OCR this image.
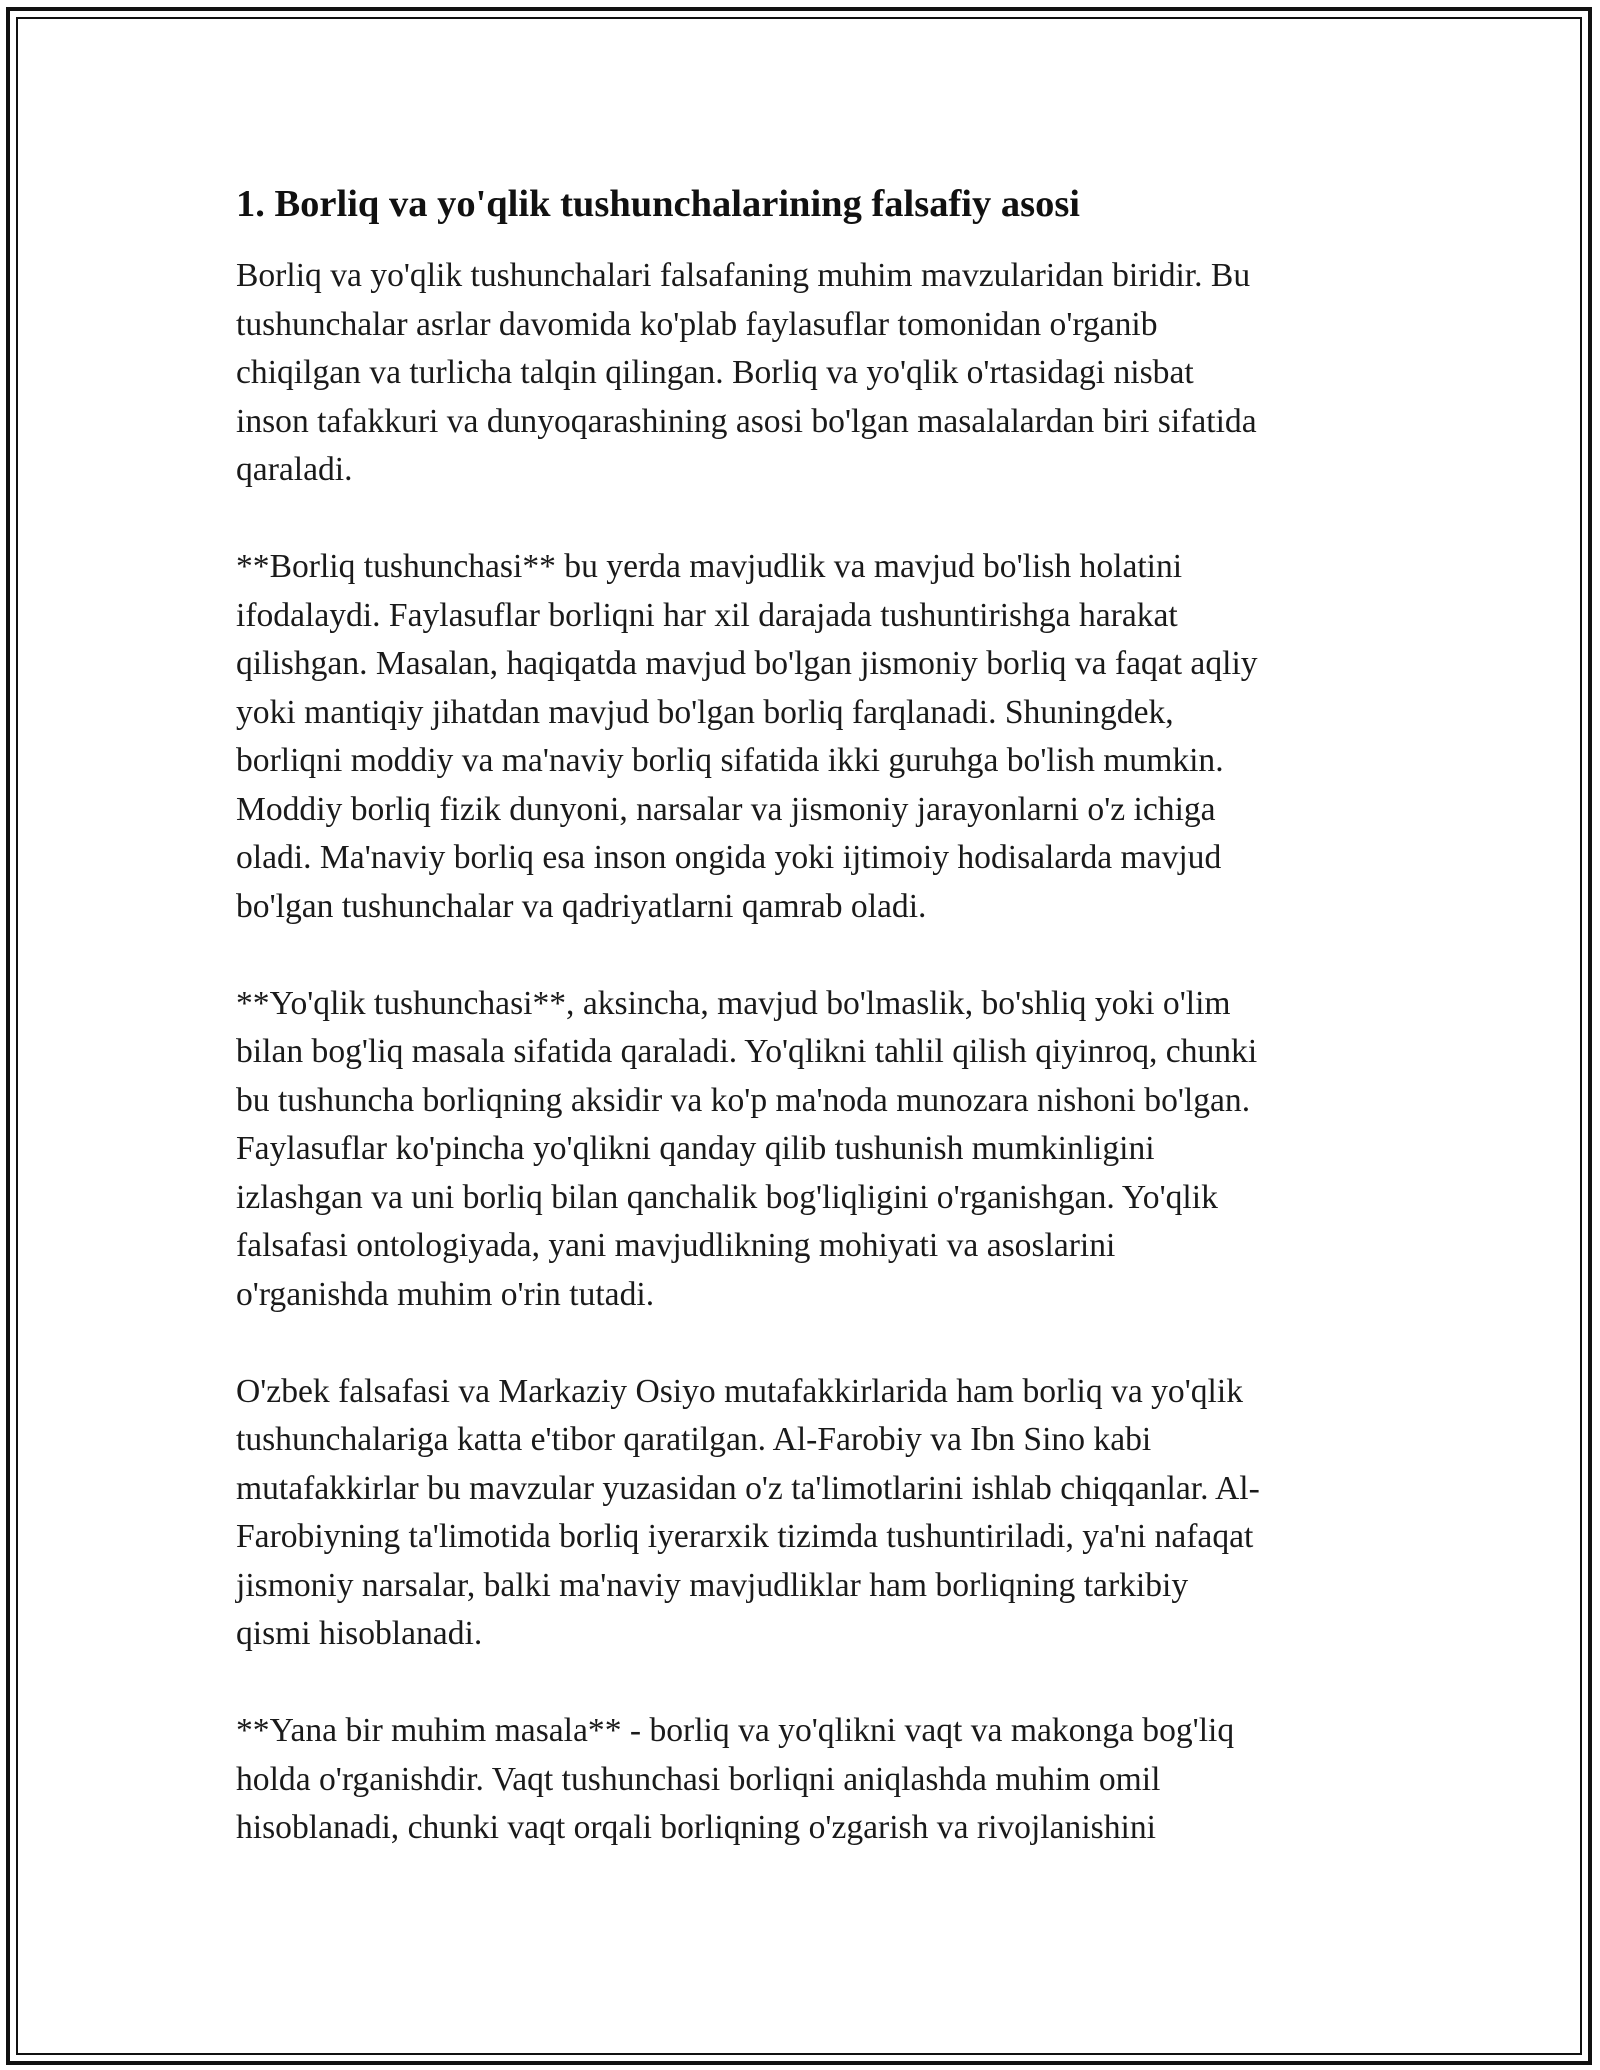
1. Borliq va yo'qlik tushunchalarining falsafiy asosi
Borliq va yo'qlik tushunchalari falsafaning muhim mavzularidan biridir. Bu
tushunchalar asrlar davomida ko'plab faylasuflar tomonidan o'rganib
chiqilgan va turlicha talqin qilingan. Borliq va yo'qlik o'rtasidagi nisbat
inson tafakkuri va dunyoqarashining asosi bo'lgan masalalardan biri sifatida
qaraladi.
**Borliq tushunchasi** bu yerda mavjudlik va mavjud bo'lish holatini
ifodalaydi. Faylasuflar borliqni har xil darajada tushuntirishga harakat
qilishgan. Masalan, haqiqatda mavjud bo'lgan jismoniy borliq va faqat aqliy
yoki mantiqiy jihatdan mavjud bo'lgan borliq farqlanadi. Shuningdek,
borliqni moddiy va ma'naviy borliq sifatida ikki guruhga bo'lish mumkin.
Moddiy borliq fizik dunyoni, narsalar va jismoniy jarayonlarni o'z ichiga
oladi. Ma'naviy borliq esa inson ongida yoki ijtimoiy hodisalarda mavjud
bo'lgan tushunchalar va qadriyatlarni qamrab oladi.
**Yo'qlik tushunchasi**, aksincha, mavjud bo'lmaslik, bo'shliq yoki o'lim
bilan bog'liq masala sifatida qaraladi. Yo'qlikni tahlil qilish qiyinroq, chunki
bu tushuncha borliqning aksidir va ko'p ma'noda munozara nishoni bo'lgan.
Faylasuflar ko'pincha yo'qlikni qanday qilib tushunish mumkinligini
izlashgan va uni borliq bilan qanchalik bog'liqligini o'rganishgan. Yo'qlik
falsafasi ontologiyada, yani mavjudlikning mohiyati va asoslarini
o'rganishda muhim o'rin tutadi.
O'zbek falsafasi va Markaziy Osiyo mutafakkirlarida ham borliq va yo'qlik
tushunchalariga katta e'tibor qaratilgan. Al-Farobiy va Ibn Sino kabi
mutafakkirlar bu mavzular yuzasidan o'z ta'limotlarini ishlab chiqqanlar. Al-
Farobiyning ta'limotida borliq iyerarxik tizimda tushuntiriladi, ya'ni nafaqat
jismoniy narsalar, balki ma'naviy mavjudliklar ham borliqning tarkibiy
qismi hisoblanadi.
**Yana bir muhim masala** - borliq va yo'qlikni vaqt va makonga bog'liq
holda o'rganishdir. Vaqt tushunchasi borliqni aniqlashda muhim omil
hisoblanadi, chunki vaqt orqali borliqning o'zgarish va rivojlanishini
